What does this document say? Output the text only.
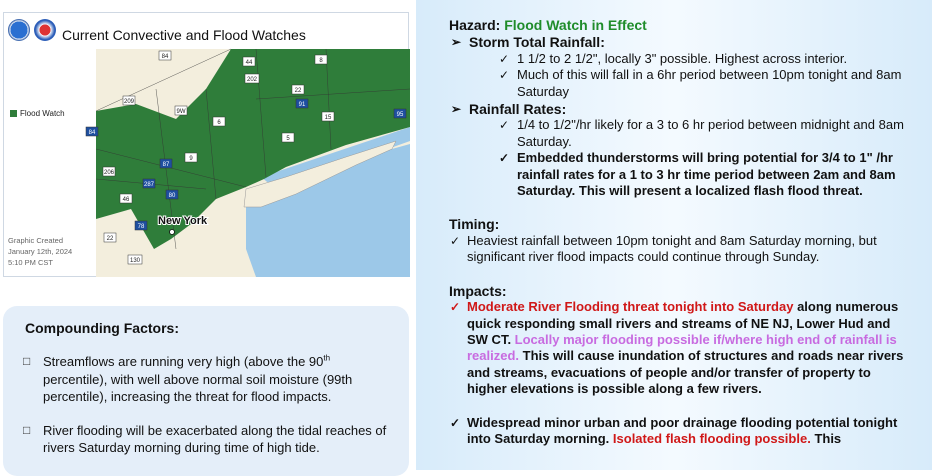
Current Convective and Flood Watches
Flood Watch
Graphic Created
January 12th, 2024
5:10 PM CST
84
209
9W
87
206
46
22
78
80
287
130
9
6
44
202
22
91
84
95
5
15
8
New York
Compounding Factors:
□ Streamflows are running very high (above the 90th percentile), with well above normal soil moisture (99th percentile), increasing the threat for flood impacts.
□ River flooding will be exacerbated along the tidal reaches of rivers Saturday morning during time of high tide.
Hazard: Flood Watch in Effect
➢ Storm Total Rainfall:
✓ 1 1/2 to 2 1/2", locally 3" possible. Highest across interior.
✓ Much of this will fall in a 6hr period between 10pm tonight and 8am Saturday
➢ Rainfall Rates:
✓ 1/4 to 1/2"/hr likely for a 3 to 6 hr period between midnight and 8am Saturday.
✓ Embedded thunderstorms will bring potential for 3/4 to 1" /hr rainfall rates for a 1 to 3 hr time period between 2am and 8am Saturday. This will present a localized flash flood threat.
Timing:
✓ Heaviest rainfall between 10pm tonight and 8am Saturday morning, but significant river flood impacts could continue through Sunday.
Impacts:
✓ Moderate River Flooding threat tonight into Saturday along numerous quick responding small rivers and streams of NE NJ, Lower Hud and SW CT. Locally major flooding possible if/where high end of rainfall is realized. This will cause inundation of structures and roads near rivers and streams, evacuations of people and/or transfer of property to higher elevations is possible along a few rivers.
✓ Widespread minor urban and poor drainage flooding potential tonight into Saturday morning. Isolated flash flooding possible. This
